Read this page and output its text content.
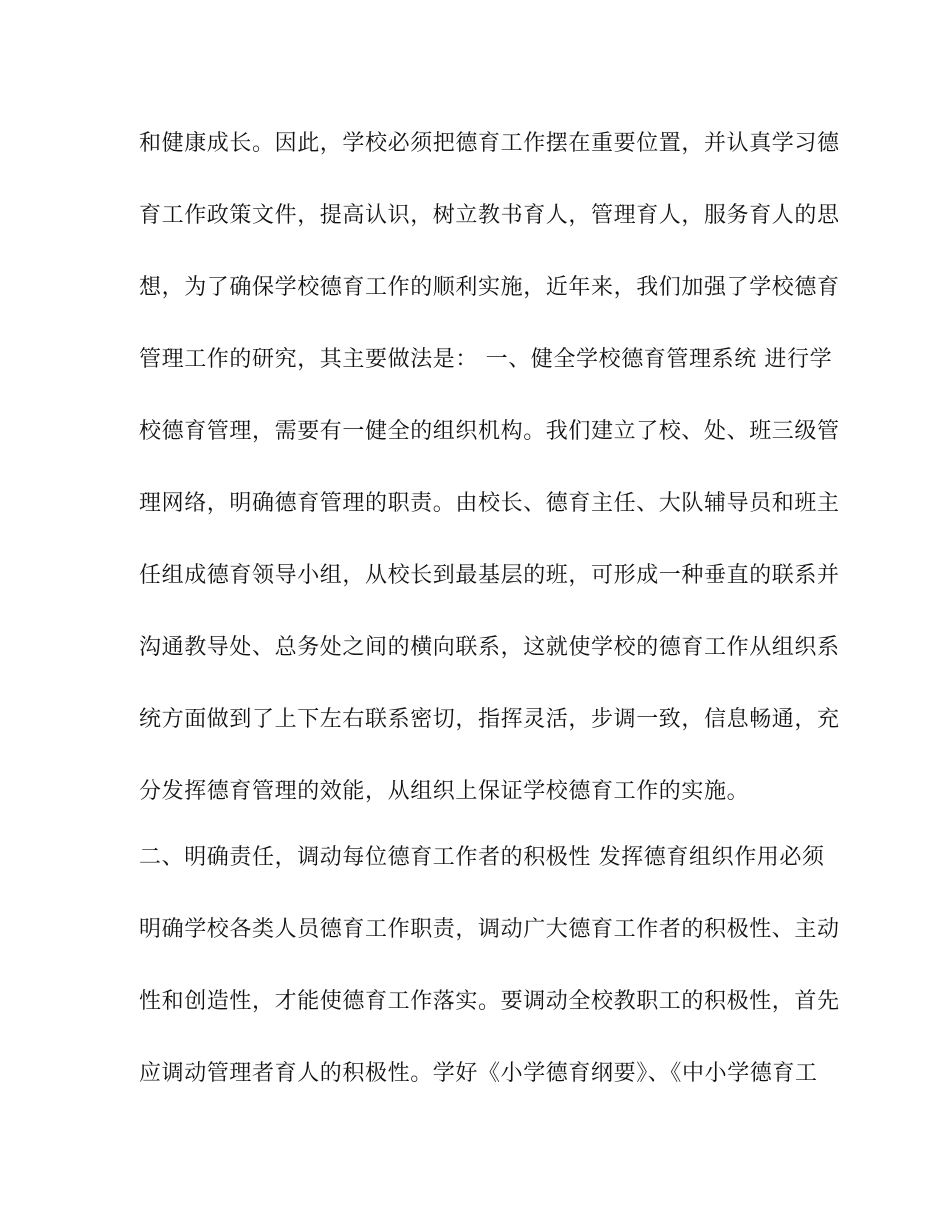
和健康成长。因此，学校必须把德育工作摆在重要位置，并认真学习德
育工作政策文件，提高认识，树立教书育人，管理育人，服务育人的思
想，为了确保学校德育工作的顺利实施，近年来，我们加强了学校德育
管理工作的研究，其主要做法是： 一、健全学校德育管理系统 进行学
校德育管理，需要有一健全的组织机构。我们建立了校、处、班三级管
理网络，明确德育管理的职责。由校长、德育主任、大队辅导员和班主
任组成德育领导小组，从校长到最基层的班，可形成一种垂直的联系并
沟通教导处、总务处之间的横向联系，这就使学校的德育工作从组织系
统方面做到了上下左右联系密切，指挥灵活，步调一致，信息畅通，充
分发挥德育管理的效能，从组织上保证学校德育工作的实施。
二、明确责任，调动每位德育工作者的积极性 发挥德育组织作用必须
明确学校各类人员德育工作职责，调动广大德育工作者的积极性、主动
性和创造性，才能使德育工作落实。要调动全校教职工的积极性，首先
应调动管理者育人的积极性。学好《小学德育纲要》、《中小学德育工
